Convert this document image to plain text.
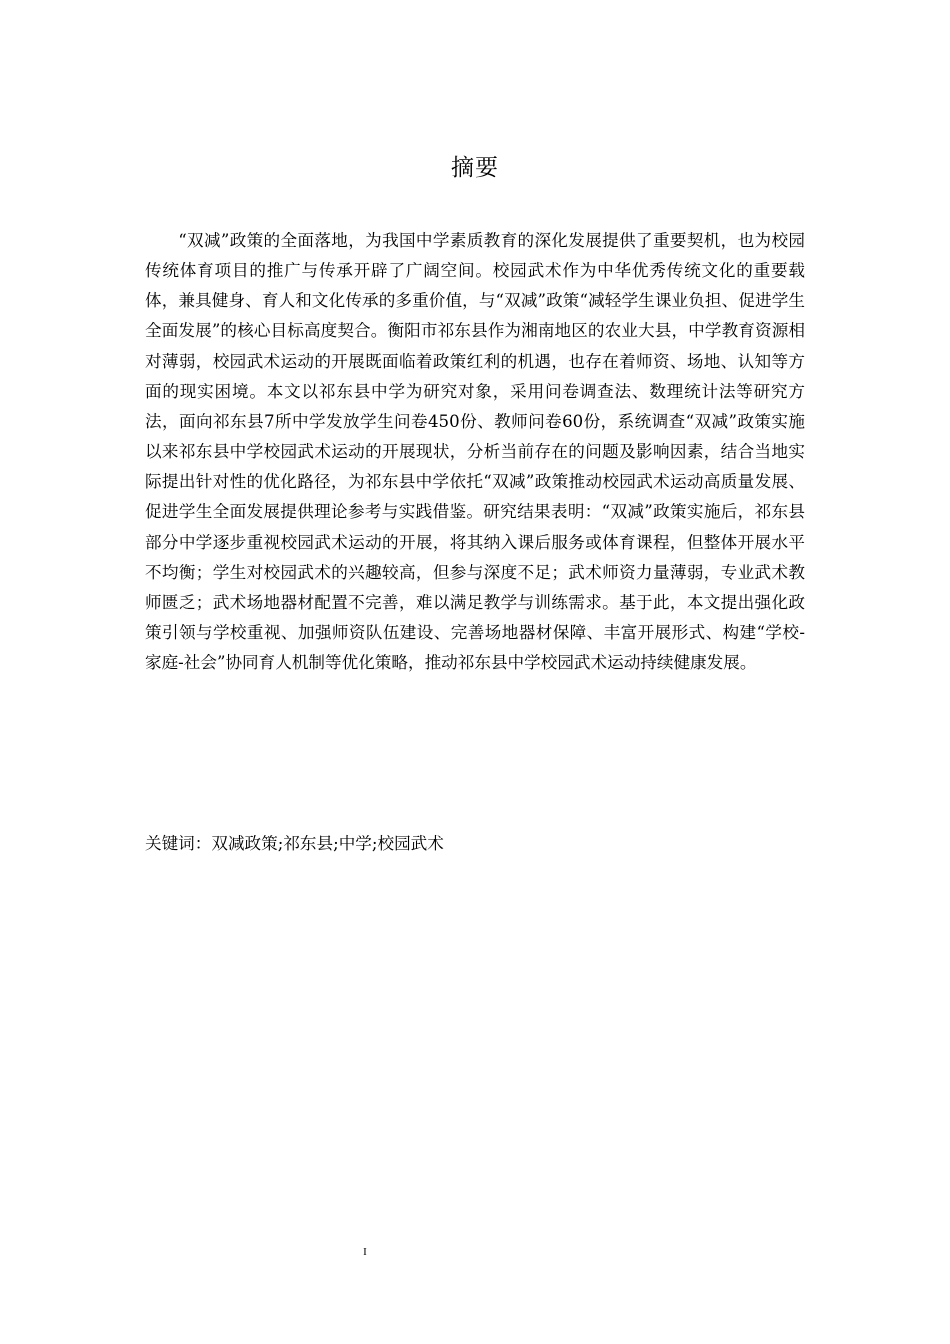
摘要

“双减”政策的全面落地，为我国中学素质教育的深化发展提供了重要契机，也为校园传统体育项目的推广与传承开辟了广阔空间。校园武术作为中华优秀传统文化的重要载体，兼具健身、育人和文化传承的多重价值，与“双减”政策“减轻学生课业负担、促进学生全面发展”的核心目标高度契合。衡阳市祁东县作为湘南地区的农业大县，中学教育资源相对薄弱，校园武术运动的开展既面临着政策红利的机遇，也存在着师资、场地、认知等方面的现实困境。本文以祁东县中学为研究对象，采用问卷调查法、数理统计法等研究方法，面向祁东县7所中学发放学生问卷450份、教师问卷60份，系统调查“双减”政策实施以来祁东县中学校园武术运动的开展现状，分析当前存在的问题及影响因素，结合当地实际提出针对性的优化路径，为祁东县中学依托“双减”政策推动校园武术运动高质量发展、促进学生全面发展提供理论参考与实践借鉴。研究结果表明：“双减”政策实施后，祁东县部分中学逐步重视校园武术运动的开展，将其纳入课后服务或体育课程，但整体开展水平不均衡；学生对校园武术的兴趣较高，但参与深度不足；武术师资力量薄弱，专业武术教师匮乏；武术场地器材配置不完善，难以满足教学与训练需求。基于此，本文提出强化政策引领与学校重视、加强师资队伍建设、完善场地器材保障、丰富开展形式、构建“学校-家庭-社会”协同育人机制等优化策略，推动祁东县中学校园武术运动持续健康发展。

关键词：双减政策;祁东县;中学;校园武术
I
